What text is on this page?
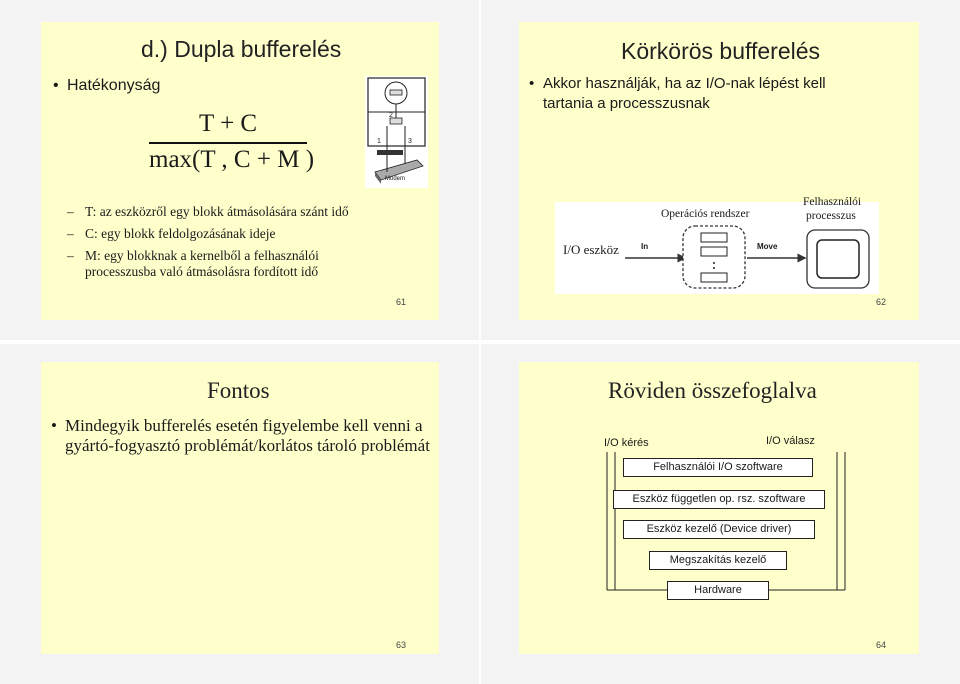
d.) Dupla bufferelés
• Hatékonyság
T + C
max(T , C + M )
2
1	3
Modem
– T: az eszközről egy blokk átmásolására szánt idő
– C: egy blokk feldolgozásának ideje
– M: egy blokknak a kernelből a felhasználói processzusba való átmásolásra fordított idő
61
Körkörös bufferelés
• Akkor használják, ha az I/O-nak lépést kell tartania a processzusnak
I/O eszköz
Operációs rendszer
Felhasználói
processzus
In	Move
62
Fontos
• Mindegyik bufferelés esetén figyelembe kell venni a gyártó-fogyasztó problémát/korlátos tároló problémát
63
Röviden összefoglalva
I/O kérés	I/O válasz
Felhasználói I/O szoftware
Eszköz független op. rsz. szoftware
Eszköz kezelő (Device driver)
Megszakítás kezelő
Hardware
64
